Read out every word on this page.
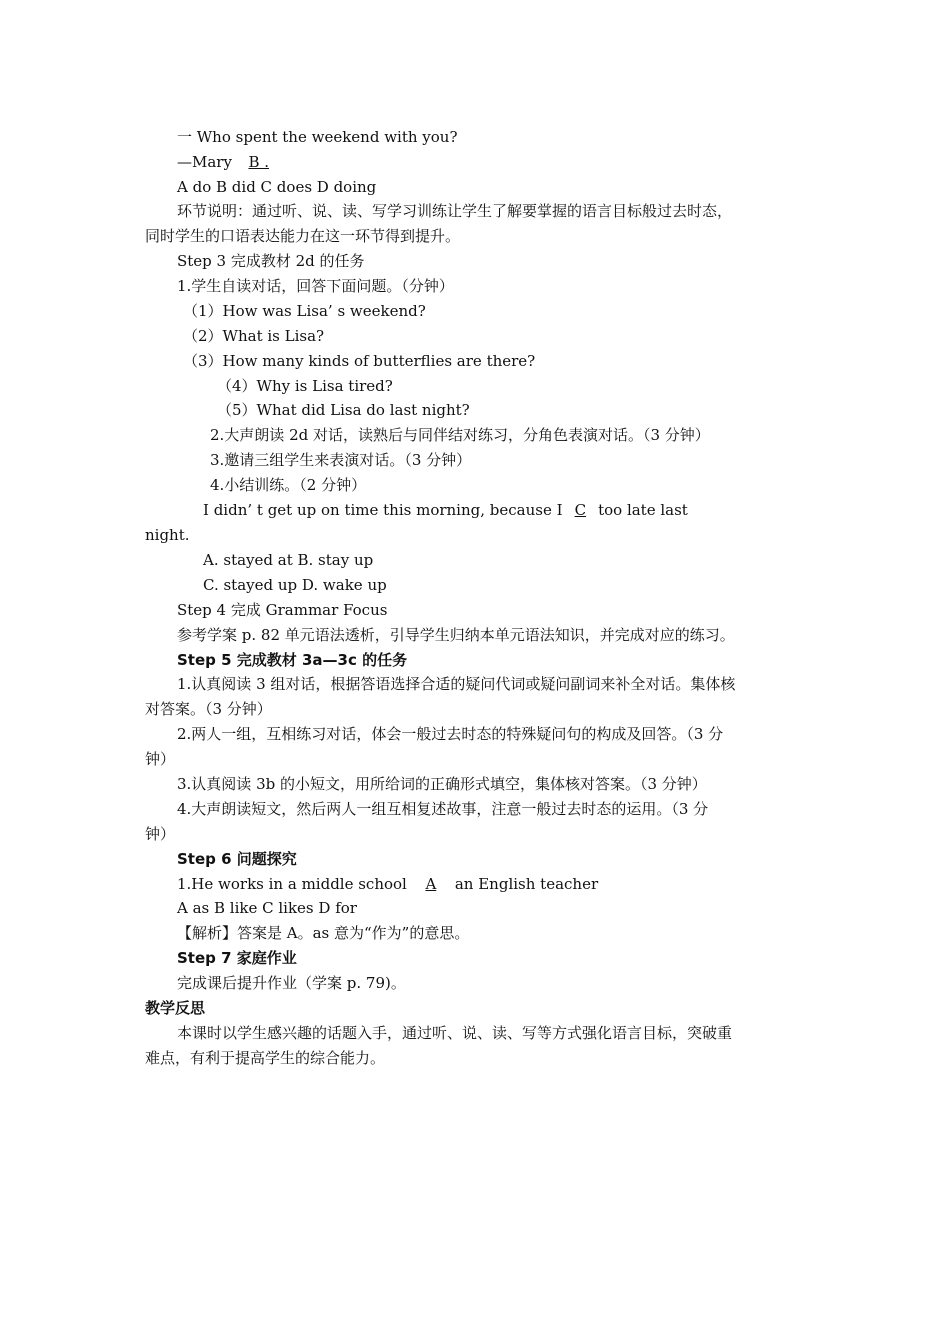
一 Who spent the weekend with you?
—Mary B .
A do B did C does D doing
环节说明：通过听、说、读、写学习训练让学生了解要掌握的语言目标般过去时态，
同时学生的口语表达能力在这一环节得到提升。
Step 3 完成教材 2d 的任务
1.学生自读对话，回答下面问题。（分钟）
（1）How was Lisa’ s weekend?
（2）What is Lisa?
（3）How many kinds of butterflies are there?
（4）Why is Lisa tired?
（5）What did Lisa do last night?
2.大声朗读 2d 对话，读熟后与同伴结对练习，分角色表演对话。（3 分钟）
3.邀请三组学生来表演对话。（3 分钟）
4.小结训练。（2 分钟）
I didn’ t get up on time this morning, because I C too late last
night.
A. stayed at B. stay up
C. stayed up D. wake up
Step 4 完成 Grammar Focus
参考学案 p. 82 单元语法透析，引导学生归纳本单元语法知识，并完成对应的练习。
Step 5 完成教材 3a—3c 的任务
1.认真阅读 3 组对话，根据答语选择合适的疑问代词或疑问副词来补全对话。集体核
对答案。（3 分钟）
2.两人一组，互相练习对话，体会一般过去时态的特殊疑问句的构成及回答。（3 分
钟）
3.认真阅读 3b 的小短文，用所给词的正确形式填空，集体核对答案。（3 分钟）
4.大声朗读短文，然后两人一组互相复述故事，注意一般过去时态的运用。（3 分
钟）
Step 6 问题探究
1.He works in a middle school A an English teacher
A as B like C likes D for
【解析】答案是 A。as 意为“作为”的意思。
Step 7 家庭作业
完成课后提升作业（学案 p. 79)。
教学反思
本课时以学生感兴趣的话题入手，通过听、说、读、写等方式强化语言目标，突破重
难点，有利于提高学生的综合能力。
